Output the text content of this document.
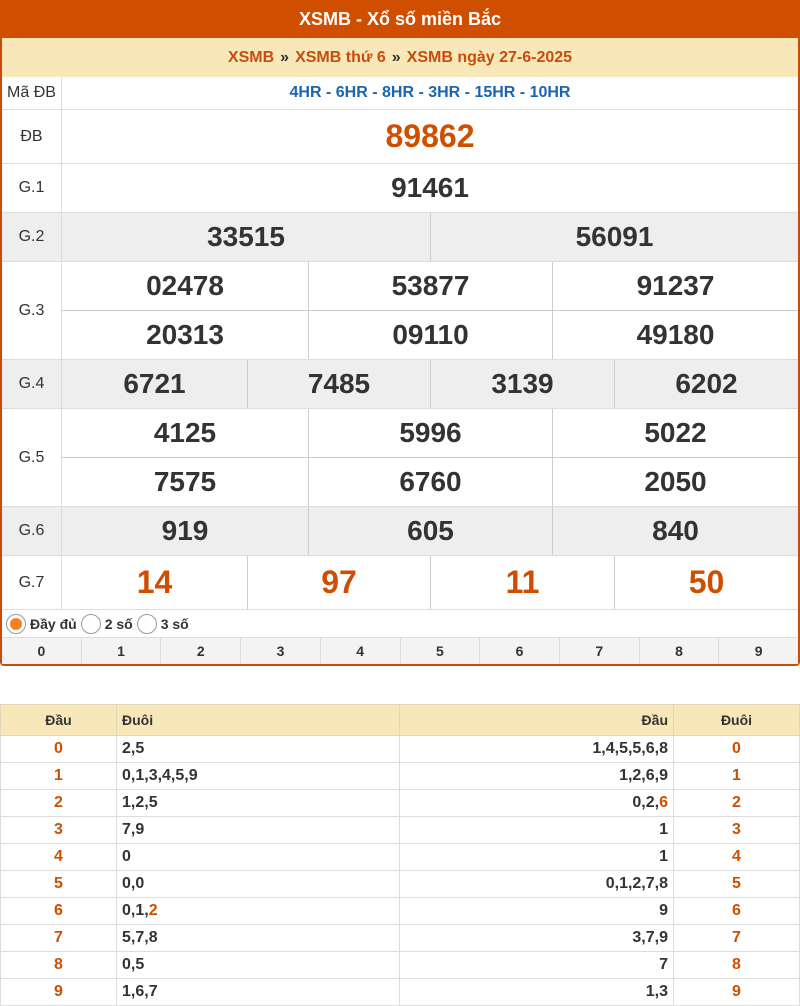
XSMB - Xổ số miền Bắc
XSMB » XSMB thứ 6 » XSMB ngày 27-6-2025
Mã ĐB	4HR - 6HR - 8HR - 3HR - 15HR - 10HR
ĐB	89862
G.1	91461
G.2	33515	56091
G.3
02478	53877	91237
20313	09110	49180
G.4	6721	7485	3139	6202
G.5
4125	5996	5022
7575	6760	2050
G.6	919	605	840
G.7	14	97	11	50
Đầy đủ 2 số 3 số
0	1	2	3	4	5	6	7	8	9
Đầu	Đuôi	Đầu	Đuôi
0	2,5	1,4,5,5,6,8	0
1	0,1,3,4,5,9	1,2,6,9	1
2	1,2,5	0,2,6	2
3	7,9	1	3
4	0	1	4
5	0,0	0,1,2,7,8	5
6	0,1,2	9	6
7	5,7,8	3,7,9	7
8	0,5	7	8
9	1,6,7	1,3	9
